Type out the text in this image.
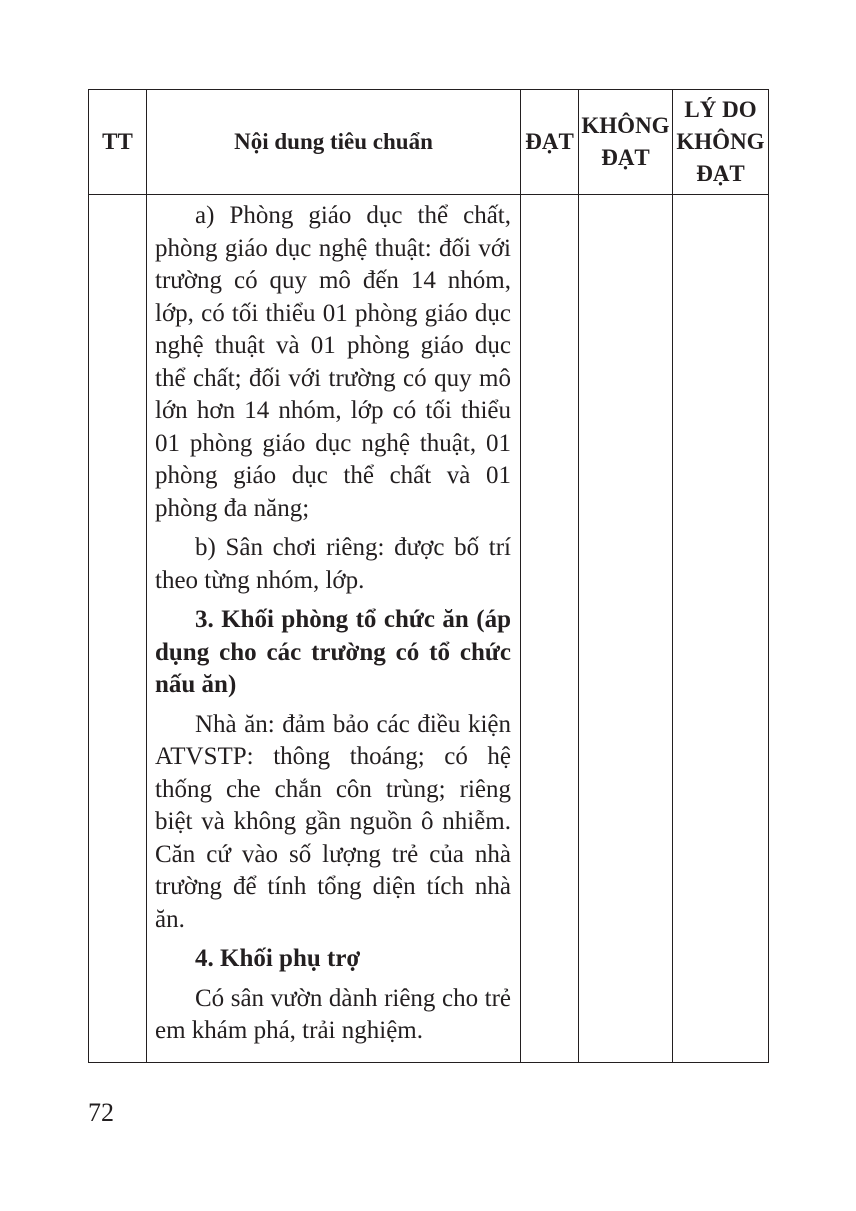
TT	Nội dung tiêu chuẩn	ĐẠT
KHÔNG
ĐẠT
LÝ DO
KHÔNG
ĐẠT

a) Phòng giáo dục thể chất, phòng giáo dục nghệ thuật: đối với trường có quy mô đến 14 nhóm, lớp, có tối thiểu 01 phòng giáo dục nghệ thuật và 01 phòng giáo dục thể chất; đối với trường có quy mô lớn hơn 14 nhóm, lớp có tối thiểu 01 phòng giáo dục nghệ thuật, 01 phòng giáo dục thể chất và 01 phòng đa năng;

b) Sân chơi riêng: được bố trí theo từng nhóm, lớp.

3. Khối phòng tổ chức ăn (áp dụng cho các trường có tổ chức nấu ăn)

Nhà ăn: đảm bảo các điều kiện ATVSTP: thông thoáng; có hệ thống che chắn côn trùng; riêng biệt và không gần nguồn ô nhiễm. Căn cứ vào số lượng trẻ của nhà trường để tính tổng diện tích nhà ăn.

4. Khối phụ trợ

Có sân vườn dành riêng cho trẻ em khám phá, trải nghiệm.

72
